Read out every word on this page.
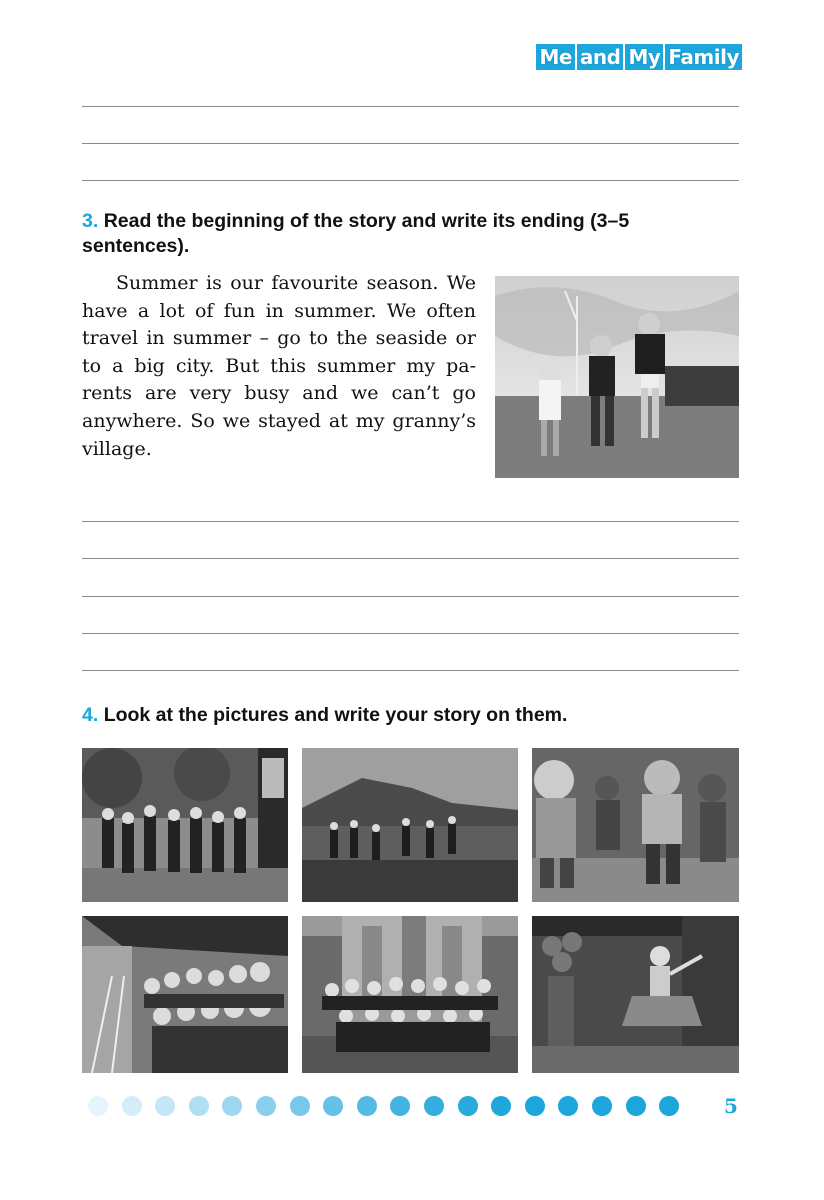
Me and My Family
3. Read the beginning of the story and write its ending (3–5
sentences).
Summer is our favourite season. We have a lot of fun in summer. We often travel in summer – go to the seaside or to a big city. But this summer my parents are very busy and we can’t go anywhere. So we stayed at my granny’s village.
4. Look at the pictures and write your story on them.
5
